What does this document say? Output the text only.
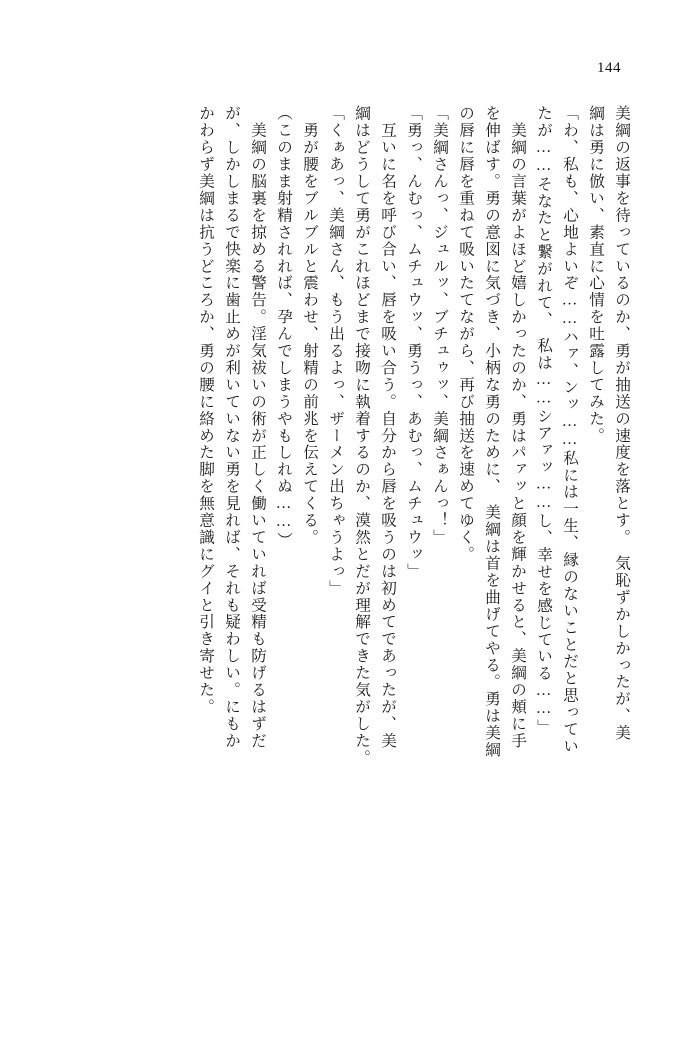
144
美綱の返事を待っているのか、勇が抽送の速度を落とす。　気恥ずかしかったが、美
綱は勇に倣い、素直に心情を吐露してみた。
「わ、私も、心地よいぞ……ハァ、ンッ……私には一生、縁のないことだと思ってい
たが……そなたと繋がれて、　私は……シアァッ……し、幸せを感じている……」
　美綱の言葉がよほど嬉しかったのか、勇はパァッと顔を輝かせると、美綱の頬に手
を伸ばす。勇の意図に気づき、小柄な勇のために、　美綱は首を曲げてやる。勇は美綱
の唇に唇を重ねて吸いたてながら、再び抽送を速めてゆく。
「美綱さんっ、ジュルッ、ブチュゥッ、美綱さぁんっ！」
「勇っ、んむっ、ムチュウッ、勇うっ、あむっ、ムチュウッ」
　互いに名を呼び合い、唇を吸い合う。自分から唇を吸うのは初めてであったが、美
綱はどうして勇がこれほどまで接吻に執着するのか、漠然とだが理解できた気がした。
「くぁあっ、美綱さん、もう出るよっ、ザーメン出ちゃうよっ」
　勇が腰をブルブルと震わせ、射精の前兆を伝えてくる。
（このまま射精されれば、孕んでしまうやもしれぬ……）
　美綱の脳裏を掠める警告。淫気祓いの術が正しく働いていれば受精も防げるはずだ
が、しかしまるで快楽に歯止めが利いていない勇を見れば、それも疑わしい。にもか
かわらず美綱は抗うどころか、勇の腰に絡めた脚を無意識にグイと引き寄せた。
